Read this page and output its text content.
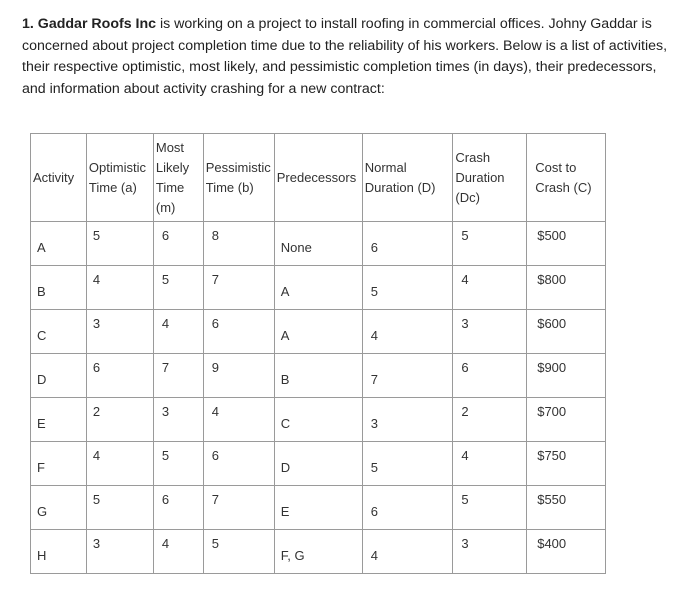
1. Gaddar Roofs Inc is working on a project to install roofing in commercial offices. Johny Gaddar is concerned about project completion time due to the reliability of his workers. Below is a list of activities, their respective optimistic, most likely, and pessimistic completion times (in days), their predecessors, and information about activity crashing for a new contract:
Activity	Optimistic Time (a)	Most Likely Time (m)	Pessimistic Time (b)	Predecessors	Normal Duration (D)	Crash Duration (Dc)	Cost to Crash (C)

A	5	6	8	None	6	5	$500

B	4	5	7	A	5	4	$800

C	3	4	6	A	4	3	$600

D	6	7	9	B	7	6	$900

E	2	3	4	C	3	2	$700

F	4	5	6	D	5	4	$750

G	5	6	7	E	6	5	$550

H	3	4	5	F, G	4	3	$400
